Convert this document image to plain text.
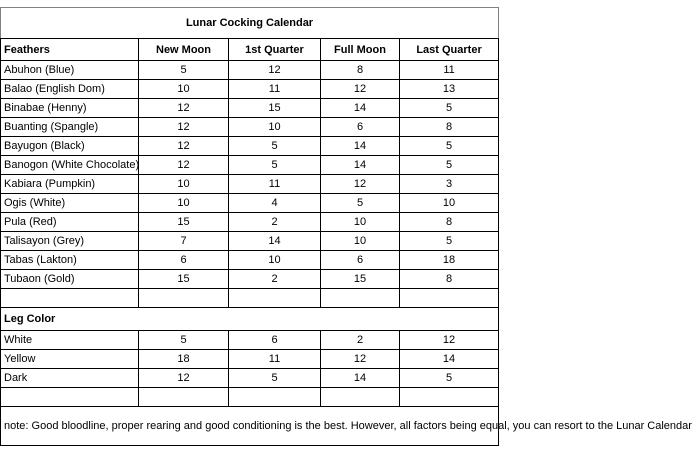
Lunar Cocking Calendar				
Feathers	New Moon	1st Quarter	Full Moon	Last Quarter
Abuhon (Blue)	5	12	8	11
Balao (English Dom)	10	11	12	13
Binabae (Henny)	12	15	14	5
Buanting (Spangle)	12	10	6	8
Bayugon (Black)	12	5	14	5
Banogon (White Chocolate)	12	5	14	5
Kabiara (Pumpkin)	10	11	12	3
Ogis (White)	10	4	5	10
Pula (Red)	15	2	10	8
Talisayon (Grey)	7	14	10	5
Tabas (Lakton)	6	10	6	18
Tubaon (Gold)	15	2	15	8

Leg Color				
White	5	6	2	12
Yellow	18	11	12	14
Dark	12	5	14	5

note: Good bloodline, proper rearing and good conditioning is the best. However, all factors being equal, you can resort to the Lunar Calendar				
